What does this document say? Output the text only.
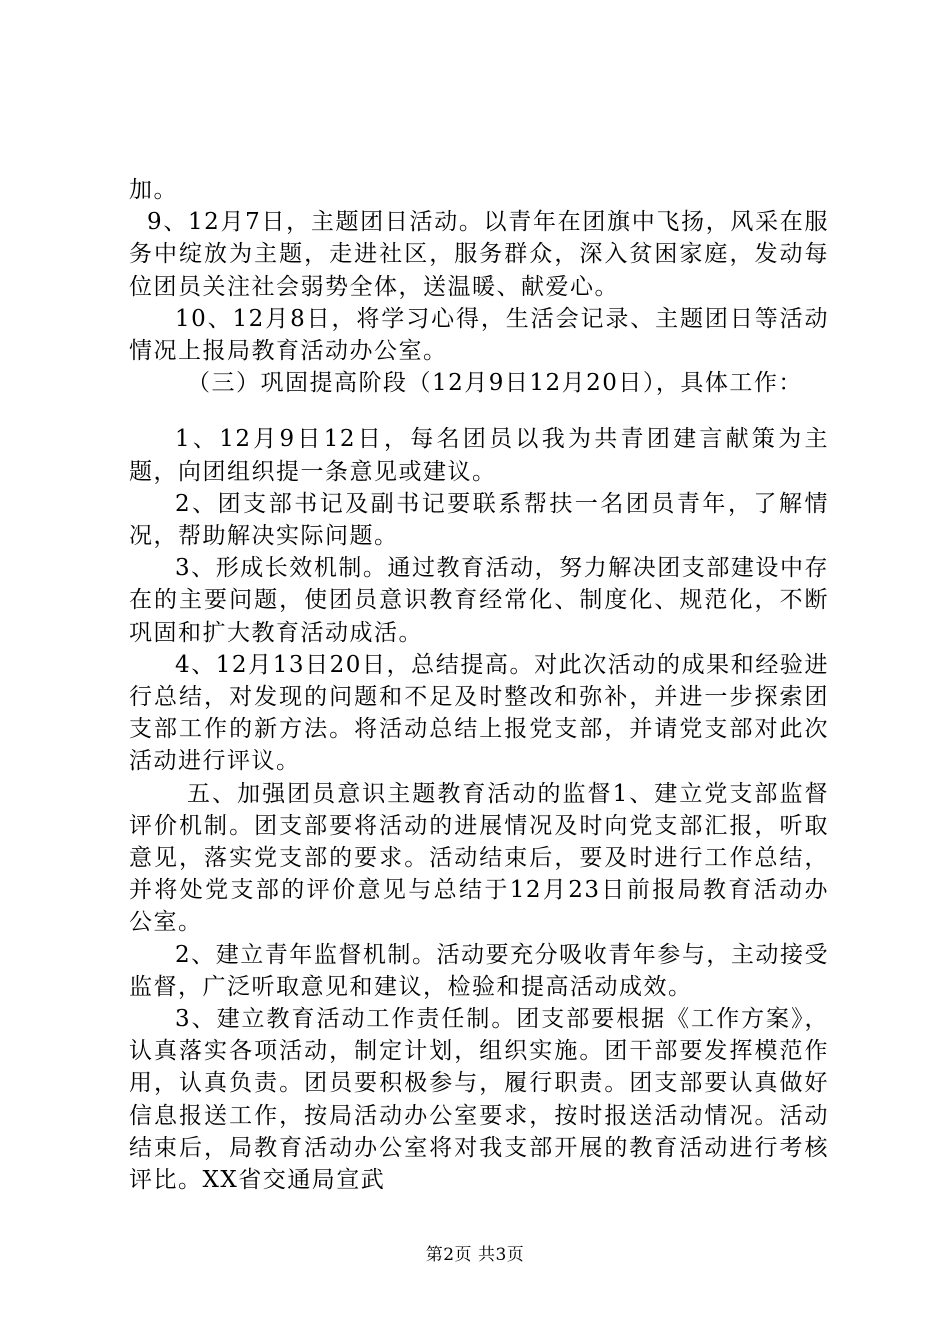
加。

9、12月7日，主题团日活动。以青年在团旗中飞扬，风采在服务中绽放为主题，走进社区，服务群众，深入贫困家庭，发动每位团员关注社会弱势全体，送温暖、献爱心。

10、12月8日，将学习心得，生活会记录、主题团日等活动情况上报局教育活动办公室。

（三）巩固提高阶段（12月9日12月20日），具体工作：

1、12月9日12日，每名团员以我为共青团建言献策为主题，向团组织提一条意见或建议。

2、团支部书记及副书记要联系帮扶一名团员青年，了解情况，帮助解决实际问题。

3、形成长效机制。通过教育活动，努力解决团支部建设中存在的主要问题，使团员意识教育经常化、制度化、规范化，不断巩固和扩大教育活动成活。

4、12月13日20日，总结提高。对此次活动的成果和经验进行总结，对发现的问题和不足及时整改和弥补，并进一步探索团支部工作的新方法。将活动总结上报党支部，并请党支部对此次活动进行评议。

五、加强团员意识主题教育活动的监督1、建立党支部监督评价机制。团支部要将活动的进展情况及时向党支部汇报，听取意见，落实党支部的要求。活动结束后，要及时进行工作总结，并将处党支部的评价意见与总结于12月23日前报局教育活动办公室。

2、建立青年监督机制。活动要充分吸收青年参与，主动接受监督，广泛听取意见和建议，检验和提高活动成效。

3、建立教育活动工作责任制。团支部要根据《工作方案》，认真落实各项活动，制定计划，组织实施。团干部要发挥模范作用，认真负责。团员要积极参与，履行职责。团支部要认真做好信息报送工作，按局活动办公室要求，按时报送活动情况。活动结束后，局教育活动办公室将对我支部开展的教育活动进行考核评比。XX省交通局宣武

第2页 共3页
